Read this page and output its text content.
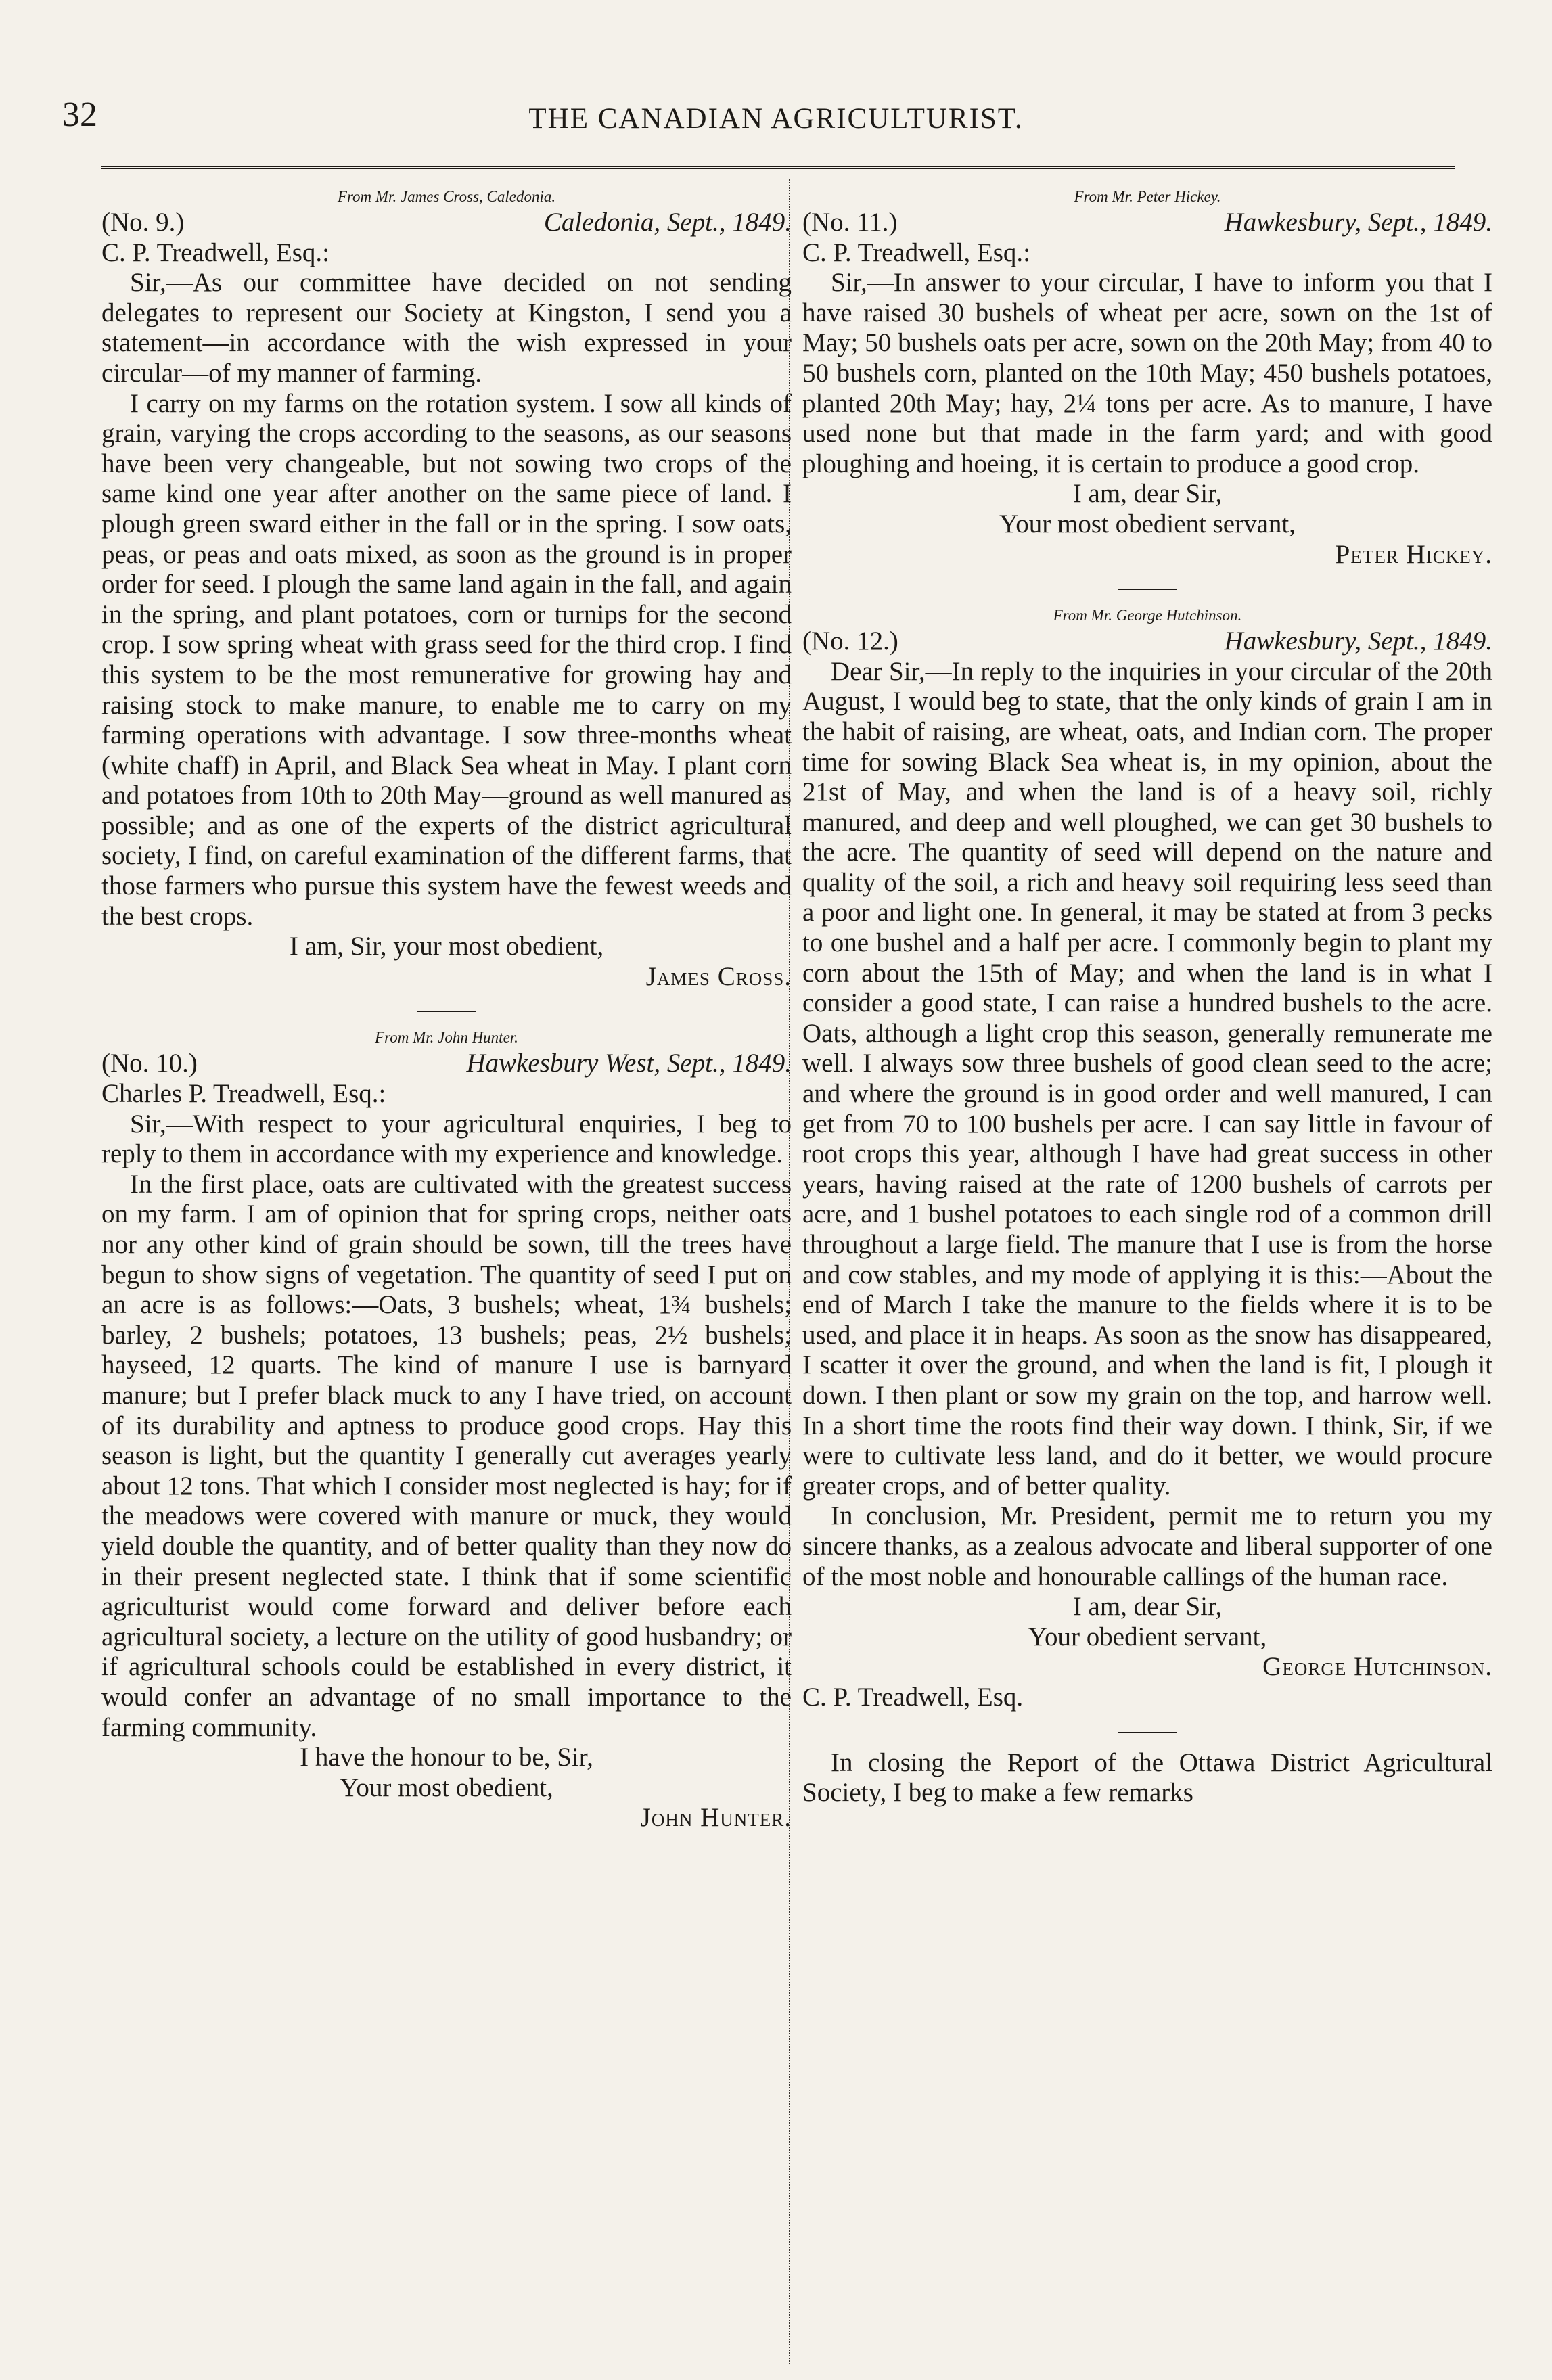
32	THE CANADIAN AGRICULTURIST.
From Mr. James Cross, Caledonia.
(No. 9.)	Caledonia, Sept., 1849.
C. P. Treadwell, Esq.:

Sir,—As our committee have decided on not sending delegates to represent our Society at Kingston, I send you a statement—in accordance with the wish expressed in your circular—of my manner of farming.

I carry on my farms on the rotation system. I sow all kinds of grain, varying the crops according to the seasons, as our seasons have been very changeable, but not sowing two crops of the same kind one year after another on the same piece of land. I plough green sward either in the fall or in the spring. I sow oats, peas, or peas and oats mixed, as soon as the ground is in proper order for seed. I plough the same land again in the fall, and again in the spring, and plant potatoes, corn or turnips for the second crop. I sow spring wheat with grass seed for the third crop. I find this system to be the most remunerative for growing hay and raising stock to make manure, to enable me to carry on my farming operations with advantage. I sow three-months wheat (white chaff) in April, and Black Sea wheat in May. I plant corn and potatoes from 10th to 20th May—ground as well manured as possible; and as one of the experts of the district agricultural society, I find, on careful examination of the different farms, that those farmers who pursue this system have the fewest weeds and the best crops.

I am, Sir, your most obedient,
James Cross.
From Mr. John Hunter.
(No. 10.)	Hawkesbury West, Sept., 1849.
Charles P. Treadwell, Esq.:

Sir,—With respect to your agricultural enquiries, I beg to reply to them in accordance with my experience and knowledge.

In the first place, oats are cultivated with the greatest success on my farm. I am of opinion that for spring crops, neither oats nor any other kind of grain should be sown, till the trees have begun to show signs of vegetation. The quantity of seed I put on an acre is as follows:—Oats, 3 bushels; wheat, 1¾ bushels; barley, 2 bushels; potatoes, 13 bushels; peas, 2½ bushels; hayseed, 12 quarts. The kind of manure I use is barnyard manure; but I prefer black muck to any I have tried, on account of its durability and aptness to produce good crops. Hay this season is light, but the quantity I generally cut averages yearly about 12 tons. That which I consider most neglected is hay; for if the meadows were covered with manure or muck, they would yield double the quantity, and of better quality than they now do in their present neglected state. I think that if some scientific agriculturist would come forward and deliver before each agricultural society, a lecture on the utility of good husbandry; or if agricultural schools could be established in every district, it would confer an advantage of no small importance to the farming community.

I have the honour to be, Sir,
Your most obedient,
John Hunter.
From Mr. Peter Hickey.
(No. 11.)	Hawkesbury, Sept., 1849.
C. P. Treadwell, Esq.:

Sir,—In answer to your circular, I have to inform you that I have raised 30 bushels of wheat per acre, sown on the 1st of May; 50 bushels oats per acre, sown on the 20th May; from 40 to 50 bushels corn, planted on the 10th May; 450 bushels potatoes, planted 20th May; hay, 2¼ tons per acre. As to manure, I have used none but that made in the farm yard; and with good ploughing and hoeing, it is certain to produce a good crop.

I am, dear Sir,
Your most obedient servant,
Peter Hickey.
From Mr. George Hutchinson.
(No. 12.)	Hawkesbury, Sept., 1849.

Dear Sir,—In reply to the inquiries in your circular of the 20th August, I would beg to state, that the only kinds of grain I am in the habit of raising, are wheat, oats, and Indian corn. The proper time for sowing Black Sea wheat is, in my opinion, about the 21st of May, and when the land is of a heavy soil, richly manured, and deep and well ploughed, we can get 30 bushels to the acre. The quantity of seed will depend on the nature and quality of the soil, a rich and heavy soil requiring less seed than a poor and light one. In general, it may be stated at from 3 pecks to one bushel and a half per acre. I commonly begin to plant my corn about the 15th of May; and when the land is in what I consider a good state, I can raise a hundred bushels to the acre. Oats, although a light crop this season, generally remunerate me well. I always sow three bushels of good clean seed to the acre; and where the ground is in good order and well manured, I can get from 70 to 100 bushels per acre. I can say little in favour of root crops this year, although I have had great success in other years, having raised at the rate of 1200 bushels of carrots per acre, and 1 bushel potatoes to each single rod of a common drill throughout a large field. The manure that I use is from the horse and cow stables, and my mode of applying it is this:—About the end of March I take the manure to the fields where it is to be used, and place it in heaps. As soon as the snow has disappeared, I scatter it over the ground, and when the land is fit, I plough it down. I then plant or sow my grain on the top, and harrow well. In a short time the roots find their way down. I think, Sir, if we were to cultivate less land, and do it better, we would procure greater crops, and of better quality.

In conclusion, Mr. President, permit me to return you my sincere thanks, as a zealous advocate and liberal supporter of one of the most noble and honourable callings of the human race.

I am, dear Sir,
Your obedient servant,
George Hutchinson.
C. P. Treadwell, Esq.

In closing the Report of the Ottawa District Agricultural Society, I beg to make a few remarks
